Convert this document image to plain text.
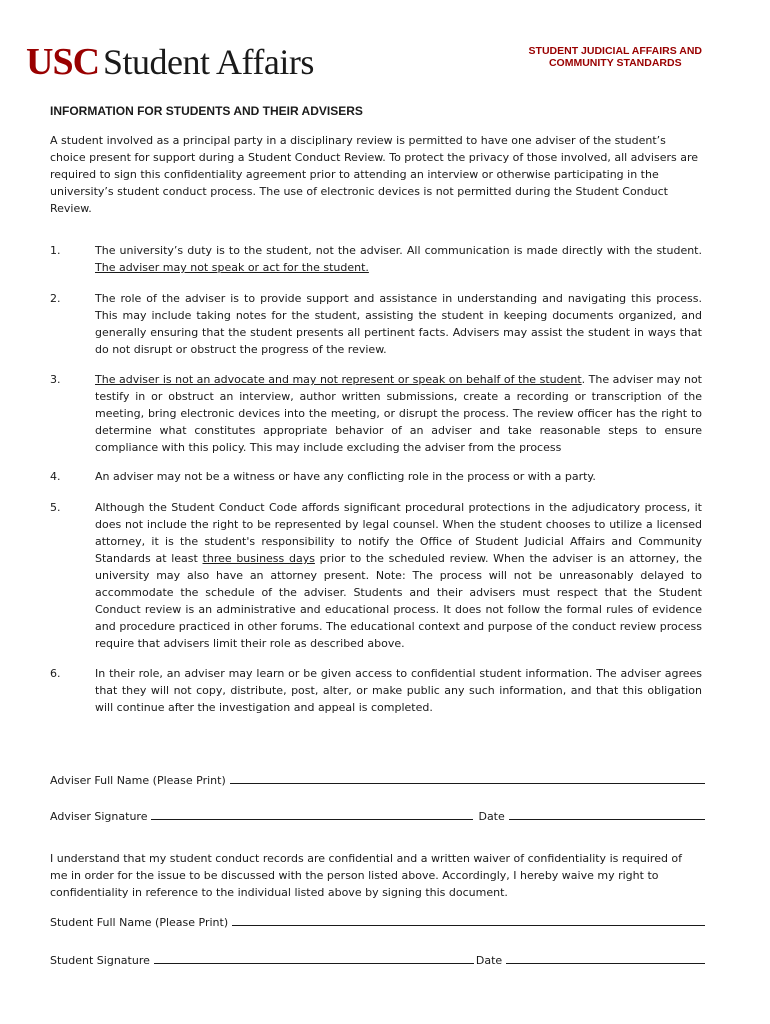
USC Student Affairs	STUDENT JUDICIAL AFFAIRS AND
COMMUNITY STANDARDS
INFORMATION FOR STUDENTS AND THEIR ADVISERS
A student involved as a principal party in a disciplinary review is permitted to have one adviser of the student’s choice present for support during a Student Conduct Review. To protect the privacy of those involved, all advisers are required to sign this confidentiality agreement prior to attending an interview or otherwise participating in the university’s student conduct process. The use of electronic devices is not permitted during the Student Conduct Review.
1.	The university’s duty is to the student, not the adviser. All communication is made directly with the student. The adviser may not speak or act for the student.
2.	The role of the adviser is to provide support and assistance in understanding and navigating this process. This may include taking notes for the student, assisting the student in keeping documents organized, and generally ensuring that the student presents all pertinent facts. Advisers may assist the student in ways that do not disrupt or obstruct the progress of the review.
3.	The adviser is not an advocate and may not represent or speak on behalf of the student. The adviser may not testify in or obstruct an interview, author written submissions, create a recording or transcription of the meeting, bring electronic devices into the meeting, or disrupt the process. The review officer has the right to determine what constitutes appropriate behavior of an adviser and take reasonable steps to ensure compliance with this policy. This may include excluding the adviser from the process
4.	An adviser may not be a witness or have any conflicting role in the process or with a party.
5.	Although the Student Conduct Code affords significant procedural protections in the adjudicatory process, it does not include the right to be represented by legal counsel. When the student chooses to utilize a licensed attorney, it is the student's responsibility to notify the Office of Student Judicial Affairs and Community Standards at least three business days prior to the scheduled review. When the adviser is an attorney, the university may also have an attorney present. Note: The process will not be unreasonably delayed to accommodate the schedule of the adviser. Students and their advisers must respect that the Student Conduct review is an administrative and educational process. It does not follow the formal rules of evidence and procedure practiced in other forums. The educational context and purpose of the conduct review process require that advisers limit their role as described above.
6.	In their role, an adviser may learn or be given access to confidential student information. The adviser agrees that they will not copy, distribute, post, alter, or make public any such information, and that this obligation will continue after the investigation and appeal is completed.
Adviser Full Name (Please Print)
Adviser Signature	Date
I understand that my student conduct records are confidential and a written waiver of confidentiality is required of me in order for the issue to be discussed with the person listed above. Accordingly, I hereby waive my right to confidentiality in reference to the individual listed above by signing this document.
Student Full Name (Please Print)
Student Signature	Date
